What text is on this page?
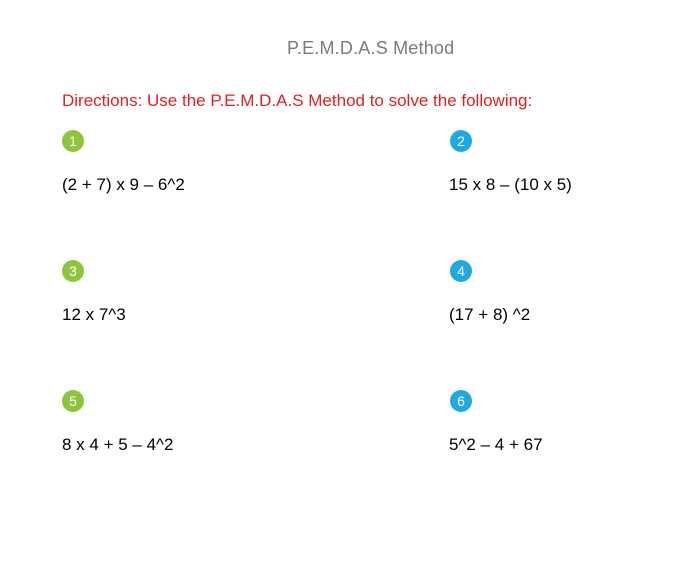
P.E.M.D.A.S Method
Directions: Use the P.E.M.D.A.S Method to solve the following:
1
(2 + 7) x 9 – 6^2
2
15 x 8 – (10 x 5)
3
12 x 7^3
4
(17 + 8) ^2
5
8 x 4 + 5 – 4^2
6
5^2 – 4 + 67
